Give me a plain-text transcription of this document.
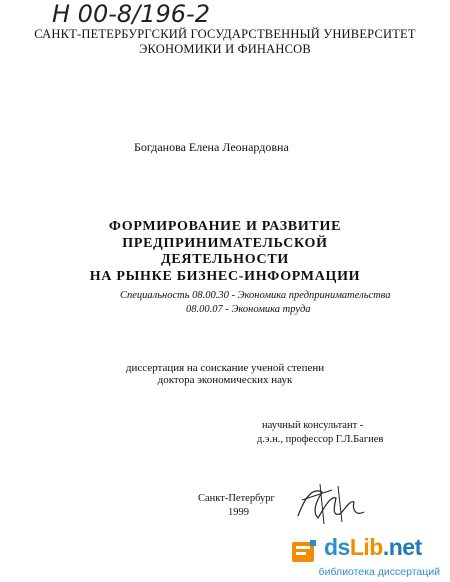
Н 00-8/196-2
САНКТ-ПЕТЕРБУРГСКИЙ ГОСУДАРСТВЕННЫЙ УНИВЕРСИТЕТ
ЭКОНОМИКИ И ФИНАНСОВ
Богданова Елена Леонардовна
ФОРМИРОВАНИЕ И РАЗВИТИЕ
ПРЕДПРИНИМАТЕЛЬСКОЙ
ДЕЯТЕЛЬНОСТИ
НА РЫНКЕ БИЗНЕС-ИНФОРМАЦИИ
Специальность 08.00.30 - Экономика предпринимательства
08.00.07 - Экономика труда
диссертация на соискание ученой степени
доктора экономических наук
научный консультант -
д.э.н., профессор Г.Л.Багиев
Санкт-Петербург
1999
dsLib.net
библиотека диссертаций
